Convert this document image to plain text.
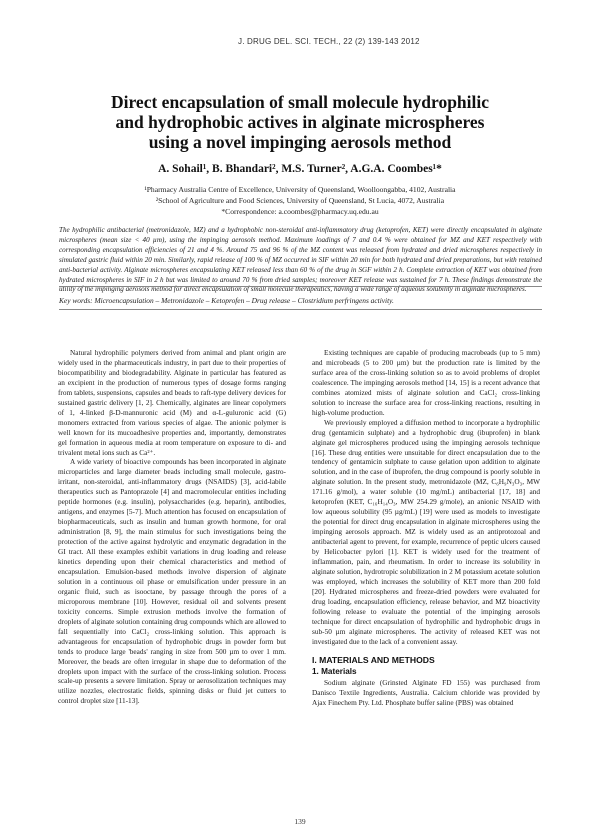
J. DRUG DEL. SCI. TECH., 22 (2) 139-143 2012
Direct encapsulation of small molecule hydrophilic
and hydrophobic actives in alginate microspheres
using a novel impinging aerosols method
A. Sohail¹, B. Bhandari², M.S. Turner², A.G.A. Coombes¹*
¹Pharmacy Australia Centre of Excellence, University of Queensland, Woolloongabba, 4102, Australia
²School of Agriculture and Food Sciences, University of Queensland, St Lucia, 4072, Australia
*Correspondence: a.coombes@pharmacy.uq.edu.au
The hydrophilic antibacterial (metronidazole, MZ) and a hydrophobic non-steroidal anti-inflammatory drug (ketoprofen, KET) were directly encapsulated in alginate microspheres (mean size < 40 µm), using the impinging aerosols method. Maximum loadings of 7 and 0.4 % were obtained for MZ and KET respectively with corresponding encapsulation efficiencies of 21 and 4 %. Around 75 and 96 % of the MZ content was released from hydrated and dried microspheres respectively in simulated gastric fluid within 20 min. Similarly, rapid release of 100 % of MZ occurred in SIF within 20 min for both hydrated and dried preparations, but with retained anti-bacterial activity. Alginate microspheres encapsulating KET released less than 60 % of the drug in SGF within 2 h. Complete extraction of KET was obtained from hydrated microspheres in SIF in 2 h but was limited to around 70 % from dried samples; moreover KET release was sustained for 7 h. These findings demonstrate the utility of the impinging aerosols method for direct encapsulation of small molecule therapeutics, having a wide range of aqueous solubility in alginate microspheres.
Key words: Microencapsulation – Metronidazole – Ketoprofen – Drug release – Clostridium perfringens activity.

Natural hydrophilic polymers derived from animal and plant origin are widely used in the pharmaceuticals industry, in part due to their properties of biocompatibility and biodegradability. Alginate in particular has featured as an excipient in the production of numerous types of dosage forms ranging from tablets, suspensions, capsules and beads to raft-type delivery devices for sustained gastric delivery [1, 2]. Chemically, alginates are linear copolymers of 1, 4-linked β-D-mannuronic acid (M) and α-L-guluronic acid (G) monomers extracted from various species of algae. The anionic polymer is well known for its mucoadhesive properties and, importantly, demonstrates gel formation in aqueous media at room temperature on exposure to di- and trivalent metal ions such as Ca²⁺.

A wide variety of bioactive compounds has been incorporated in alginate microparticles and large diameter beads including small molecule, gastro-irritant, non-steroidal, anti-inflammatory drugs (NSAIDS) [3], acid-labile therapeutics such as Pantoprazole [4] and macromolecular entities including peptide hormones (e.g. insulin), polysaccharides (e.g. heparin), antibodies, antigens, and enzymes [5-7]. Much attention has focused on encapsulation of biopharmaceuticals, such as insulin and human growth hormone, for oral administration [8, 9], the main stimulus for such investigations being the protection of the active against hydrolytic and enzymatic degradation in the GI tract. All these examples exhibit variations in drug loading and release kinetics depending upon their chemical characteristics and method of encapsulation. Emulsion-based methods involve dispersion of alginate solution in a continuous oil phase or emulsification under pressure in an organic fluid, such as isooctane, by passage through the pores of a microporous membrane [10]. However, residual oil and solvents present toxicity concerns. Simple extrusion methods involve the formation of droplets of alginate solution containing drug compounds which are allowed to fall sequentially into CaCl₂ cross-linking solution. This approach is advantageous for encapsulation of hydrophobic drugs in powder form but tends to produce large 'beads' ranging in size from 500 µm to over 1 mm. Moreover, the beads are often irregular in shape due to deformation of the droplets upon impact with the surface of the cross-linking solution. Process scale-up presents a severe limitation. Spray or aerosolization techniques may utilize nozzles, electrostatic fields, spinning disks or fluid jet cutters to control droplet size [11-13].

Existing techniques are capable of producing macrobeads (up to 5 mm) and microbeads (5 to 200 µm) but the production rate is limited by the surface area of the cross-linking solution so as to avoid problems of droplet coalescence. The impinging aerosols method [14, 15] is a recent advance that combines atomized mists of alginate solution and CaCl₂ cross-linking solution to increase the surface area for cross-linking reactions, resulting in high-volume production.

We previously employed a diffusion method to incorporate a hydrophilic drug (gentamicin sulphate) and a hydrophobic drug (ibuprofen) in blank alginate gel microspheres produced using the impinging aerosols technique [16]. These drug entities were unsuitable for direct encapsulation due to the tendency of gentamicin sulphate to cause gelation upon addition to alginate solution, and in the case of ibuprofen, the drug compound is poorly soluble in alginate solution. In the present study, metronidazole (MZ, C₆H₉N₃O₃, MW 171.16 g/mol), a water soluble (10 mg/mL) antibacterial [17, 18] and ketoprofen (KET, C₁₆H₁₄O₃, MW 254.29 g/mole), an anionic NSAID with low aqueous solubility (95 µg/mL) [19] were used as models to investigate the potential for direct drug encapsulation in alginate microspheres using the impinging aerosols approach. MZ is widely used as an antiprotozoal and antibacterial agent to prevent, for example, recurrence of peptic ulcers caused by Helicobacter pylori [1]. KET is widely used for the treatment of inflammation, pain, and rheumatism. In order to increase its solubility in alginate solution, hydrotropic solubilization in 2 M potassium acetate solution was employed, which increases the solubility of KET more than 200 fold [20]. Hydrated microspheres and freeze-dried powders were evaluated for drug loading, encapsulation efficiency, release behavior, and MZ bioactivity following release to evaluate the potential of the impinging aerosols technique for direct encapsulation of hydrophilic and hydrophobic drugs in sub-50 µm alginate microspheres. The activity of released KET was not investigated due to the lack of a convenient assay.

I. MATERIALS AND METHODS
1. Materials

Sodium alginate (Grinsted Alginate FD 155) was purchased from Danisco Textile Ingredients, Australia. Calcium chloride was provided by Ajax Finechem Pty. Ltd. Phosphate buffer saline (PBS) was obtained

139
